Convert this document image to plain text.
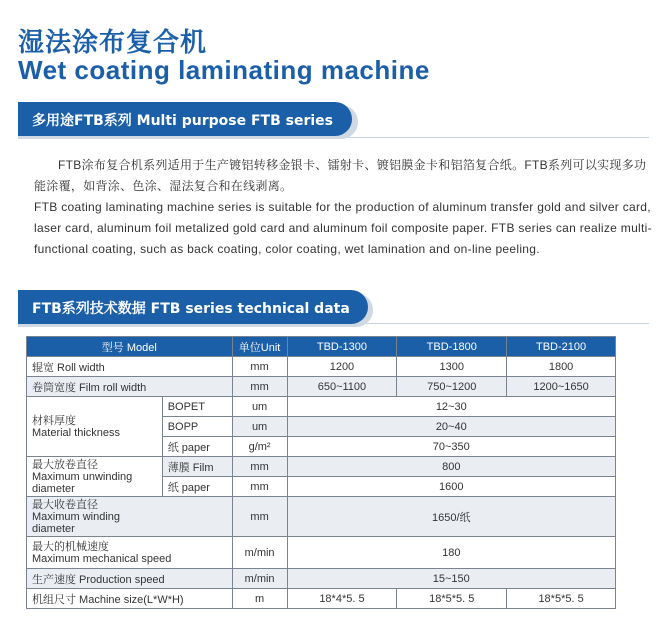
湿法涂布复合机
Wet coating laminating machine
多用途FTB系列 Multi purpose FTB series

FTB涂布复合机系列适用于生产镀铝转移金银卡、镭射卡、镀铝膜金卡和铝箔复合纸。FTB系列可以实现多功能涂覆，如背涂、色涂、湿法复合和在线剥离。

FTB coating laminating machine series is suitable for the production of aluminum transfer gold and silver card, laser card, aluminum foil metalized gold card and aluminum foil composite paper. FTB series can realize multi-functional coating, such as back coating, color coating, wet lamination and on-line peeling.

FTB系列技术数据 FTB series technical data
型号 Model		单位Unit	TBD-1300	TBD-1800	TBD-2100
辊宽 Roll width		mm	1200	1300	1800
卷筒宽度 Film roll width		mm	650~1100	750~1200	1200~1650

材料厚度
Material thickness	BOPET	um	12~30		
	BOPP	um	20~40		
	纸 paper	g/m²	70~350		

最大放卷直径
Maximum unwinding
diameter	薄膜 Film	mm	800		
	纸 paper	mm	1600		

最大收卷直径
Maximum winding
diameter		mm	1650/纸		

最大的机械速度
Maximum mechanical speed		m/min	180		
生产速度 Production speed		m/min	15~150		
机组尺寸 Machine size(L*W*H)		m	18*4*5. 5	18*5*5. 5	18*5*5. 5
